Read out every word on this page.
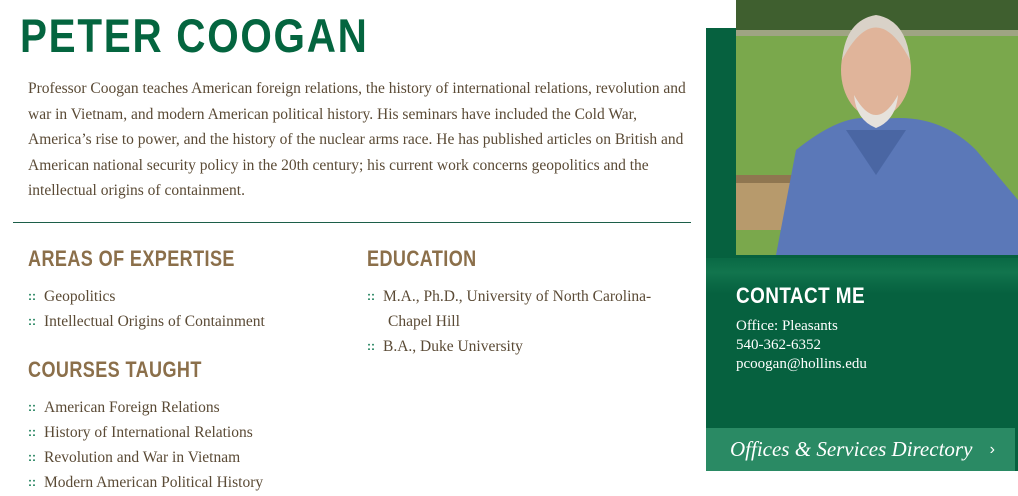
PETER COOGAN

Professor Coogan teaches American foreign relations, the history of international relations, revolution and war in Vietnam, and modern American political history. His seminars have included the Cold War, America’s rise to power, and the history of the nuclear arms race. He has published articles on British and American national security policy in the 20th century; his current work concerns geopolitics and the intellectual origins of containment.

AREAS OF EXPERTISE
:: Geopolitics
:: Intellectual Origins of Containment
COURSES TAUGHT
:: American Foreign Relations
:: History of International Relations
:: Revolution and War in Vietnam
:: Modern American Political History
EDUCATION
:: M.A., Ph.D., University of North Carolina-
Chapel Hill
:: B.A., Duke University
CONTACT ME
Office: Pleasants
540-362-6352
pcoogan@hollins.edu
Offices & Services Directory ›
